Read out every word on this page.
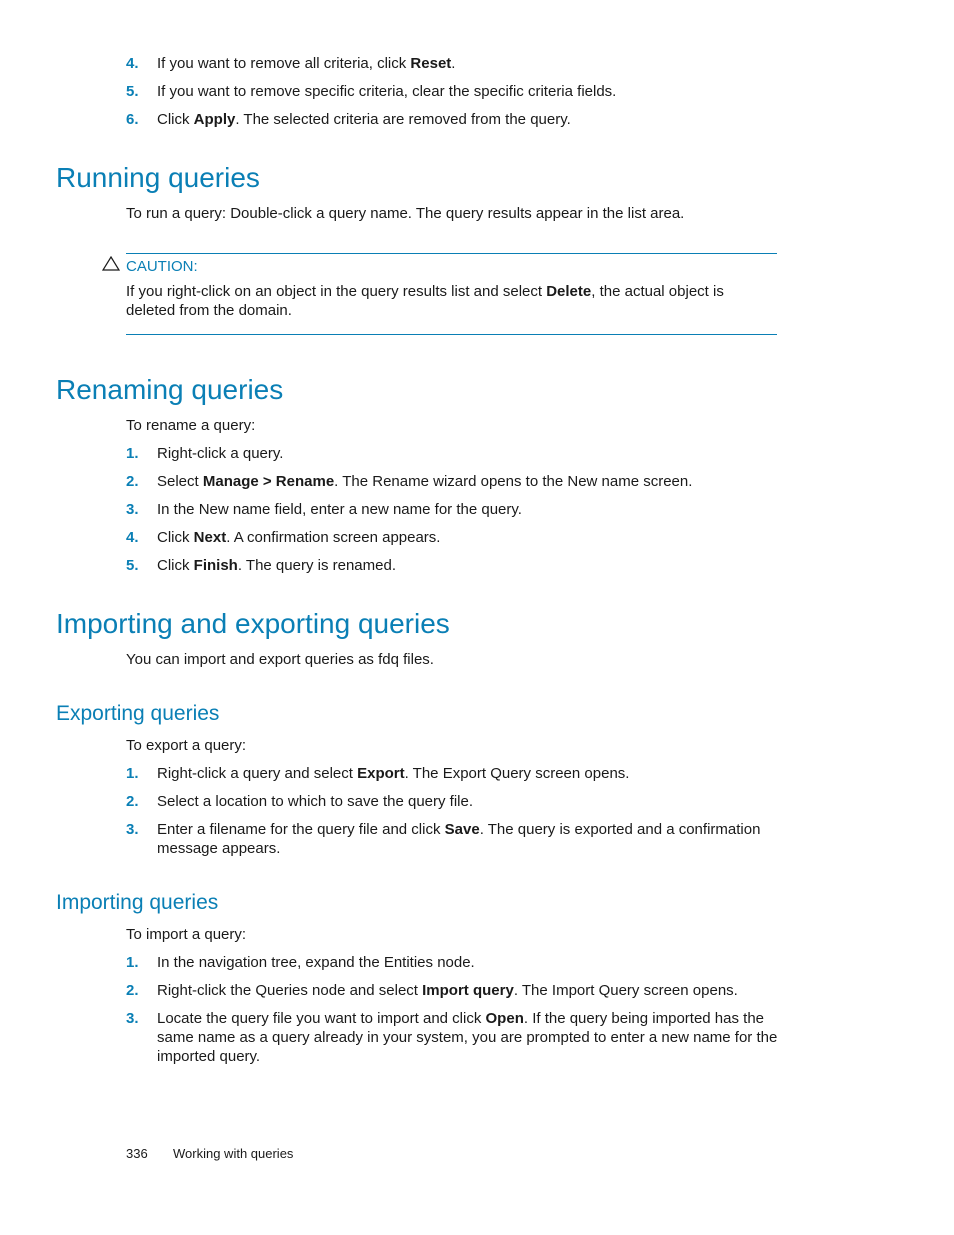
4.	If you want to remove all criteria, click Reset.
5.	If you want to remove specific criteria, clear the specific criteria fields.
6.	Click Apply. The selected criteria are removed from the query.
Running queries
To run a query: Double-click a query name. The query results appear in the list area.
CAUTION:
If you right-click on an object in the query results list and select Delete, the actual object is deleted from the domain.
Renaming queries
To rename a query:
1.	Right-click a query.
2.	Select Manage > Rename. The Rename wizard opens to the New name screen.
3.	In the New name field, enter a new name for the query.
4.	Click Next. A confirmation screen appears.
5.	Click Finish. The query is renamed.
Importing and exporting queries
You can import and export queries as fdq files.
Exporting queries
To export a query:
1.	Right-click a query and select Export. The Export Query screen opens.
2.	Select a location to which to save the query file.
3.	Enter a filename for the query file and click Save. The query is exported and a confirmation message appears.
Importing queries
To import a query:
1.	In the navigation tree, expand the Entities node.
2.	Right-click the Queries node and select Import query. The Import Query screen opens.
3.	Locate the query file you want to import and click Open. If the query being imported has the same name as a query already in your system, you are prompted to enter a new name for the imported query.
336 Working with queries
